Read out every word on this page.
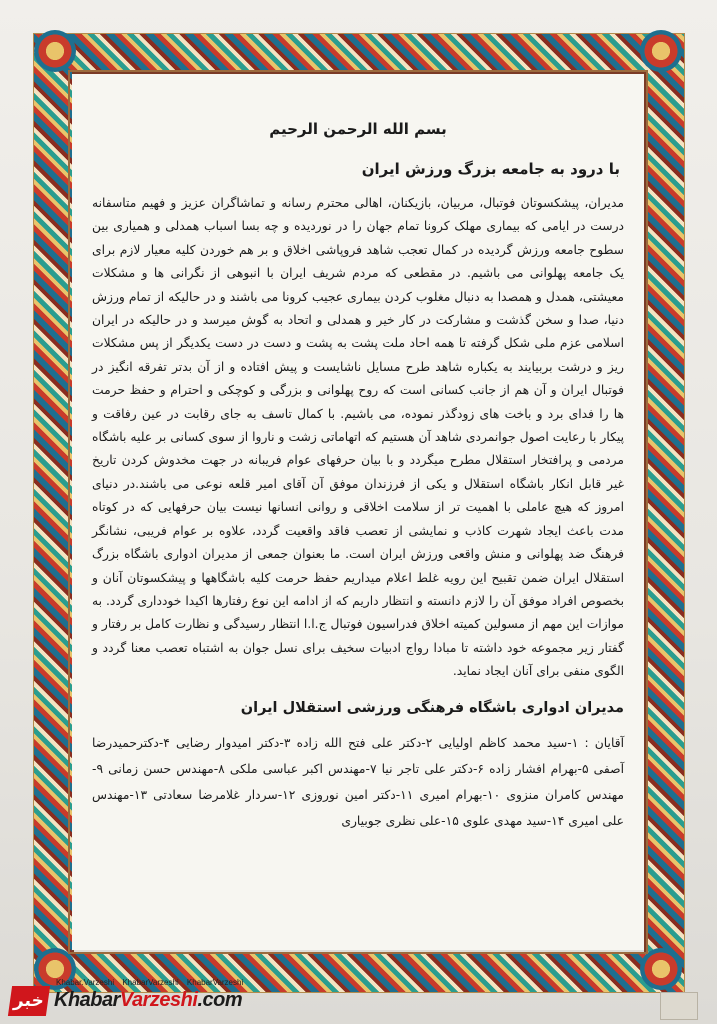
بسم الله الرحمن الرحیم

با درود به جامعه بزرگ ورزش ایران

مدیران، پیشکسوتان فوتبال، مربیان، بازیکنان، اهالی محترم رسانه و تماشاگران عزیز و فهیم متاسفانه درست در ایامی که بیماری مهلک کرونا تمام جهان را در نوردیده و چه بسا اسباب همدلی و همیاری بین سطوح جامعه ورزش گردیده در کمال تعجب شاهد فروپاشی اخلاق و بر هم خوردن کلیه معیار لازم برای یک جامعه پهلوانی می باشیم. در مقطعی که مردم شریف ایران با انبوهی از نگرانی ها و مشکلات معیشتی، همدل و همصدا به دنبال مغلوب کردن بیماری عجیب کرونا می باشند و در حالیکه از تمام ورزش دنیا، صدا و سخن گذشت و مشارکت در کار خیر و همدلی و اتحاد به گوش میرسد و در حالیکه در ایران اسلامی عزم ملی شکل گرفته تا همه احاد ملت پشت به پشت و دست در دست یکدیگر از پس مشکلات ریز و درشت بربیایند به یکباره شاهد طرح مسایل ناشایست و پیش افتاده و از آن بدتر تفرقه انگیز در فوتبال ایران و آن هم از جانب کسانی است که روح پهلوانی و بزرگی و کوچکی و احترام و حفظ حرمت ها را فدای برد و باخت های زودگذر نموده، می باشیم. با کمال تاسف به جای رقابت در عین رفاقت و پیکار با رعایت اصول جوانمردی شاهد آن هستیم که اتهاماتی زشت و ناروا از سوی کسانی بر علیه باشگاه مردمی و پرافتخار استقلال مطرح میگردد و با بیان حرفهای عوام فریبانه در جهت مخدوش کردن تاریخ غیر قابل انکار باشگاه استقلال و یکی از فرزندان موفق آن آقای امیر قلعه نوعی می باشند.در دنیای امروز که هیچ عاملی با اهمیت تر از سلامت اخلاقی و روانی انسانها نیست بیان حرفهایی که در کوتاه مدت باعث ایجاد شهرت کاذب و نمایشی از تعصب فاقد واقعیت گردد، علاوه بر عوام فریبی، نشانگر فرهنگ ضد پهلوانی و منش واقعی ورزش ایران است. ما بعنوان جمعی از مدیران ادواری باشگاه بزرگ استقلال ایران ضمن تقبیح این رویه غلط اعلام میداریم حفظ حرمت کلیه باشگاهها و پیشکسوتان آنان و بخصوص افراد موفق آن را لازم دانسته و انتظار داریم که از ادامه این نوع رفتارها اکیدا خودداری گردد. به موازات این مهم از مسولین کمیته اخلاق فدراسیون فوتبال ج.ا.ا انتظار رسیدگی و نظارت کامل بر رفتار و گفتار زیر مجموعه خود داشته تا مبادا رواج ادبیات سخیف برای نسل جوان به اشتباه تعصب معنا گردد و الگوی منفی برای آنان ایجاد نماید.

مدیران ادواری باشگاه فرهنگی ورزشی استقلال ایران

آقایان : ۱-سید محمد کاظم اولیایی ۲-دکتر علی فتح الله زاده ۳-دکتر امیدوار رضایی ۴-دکترحمیدرضا آصفی ۵-بهرام افشار زاده ۶-دکتر علی تاجر نیا ۷-مهندس اکبر عباسی ملکی ۸-مهندس حسن زمانی ۹-مهندس کامران منزوی ۱۰-بهرام امیری ۱۱-دکتر امین نوروزی ۱۲-سردار غلامرضا سعادتی ۱۳-مهندس علی امیری ۱۴-سید مهدی علوی ۱۵-علی نظری جوبیاری

خبر
Khabar.Varzeshi KhabarVarzeshi KhabarVarzeshi
KhabarVarzeshi.com
